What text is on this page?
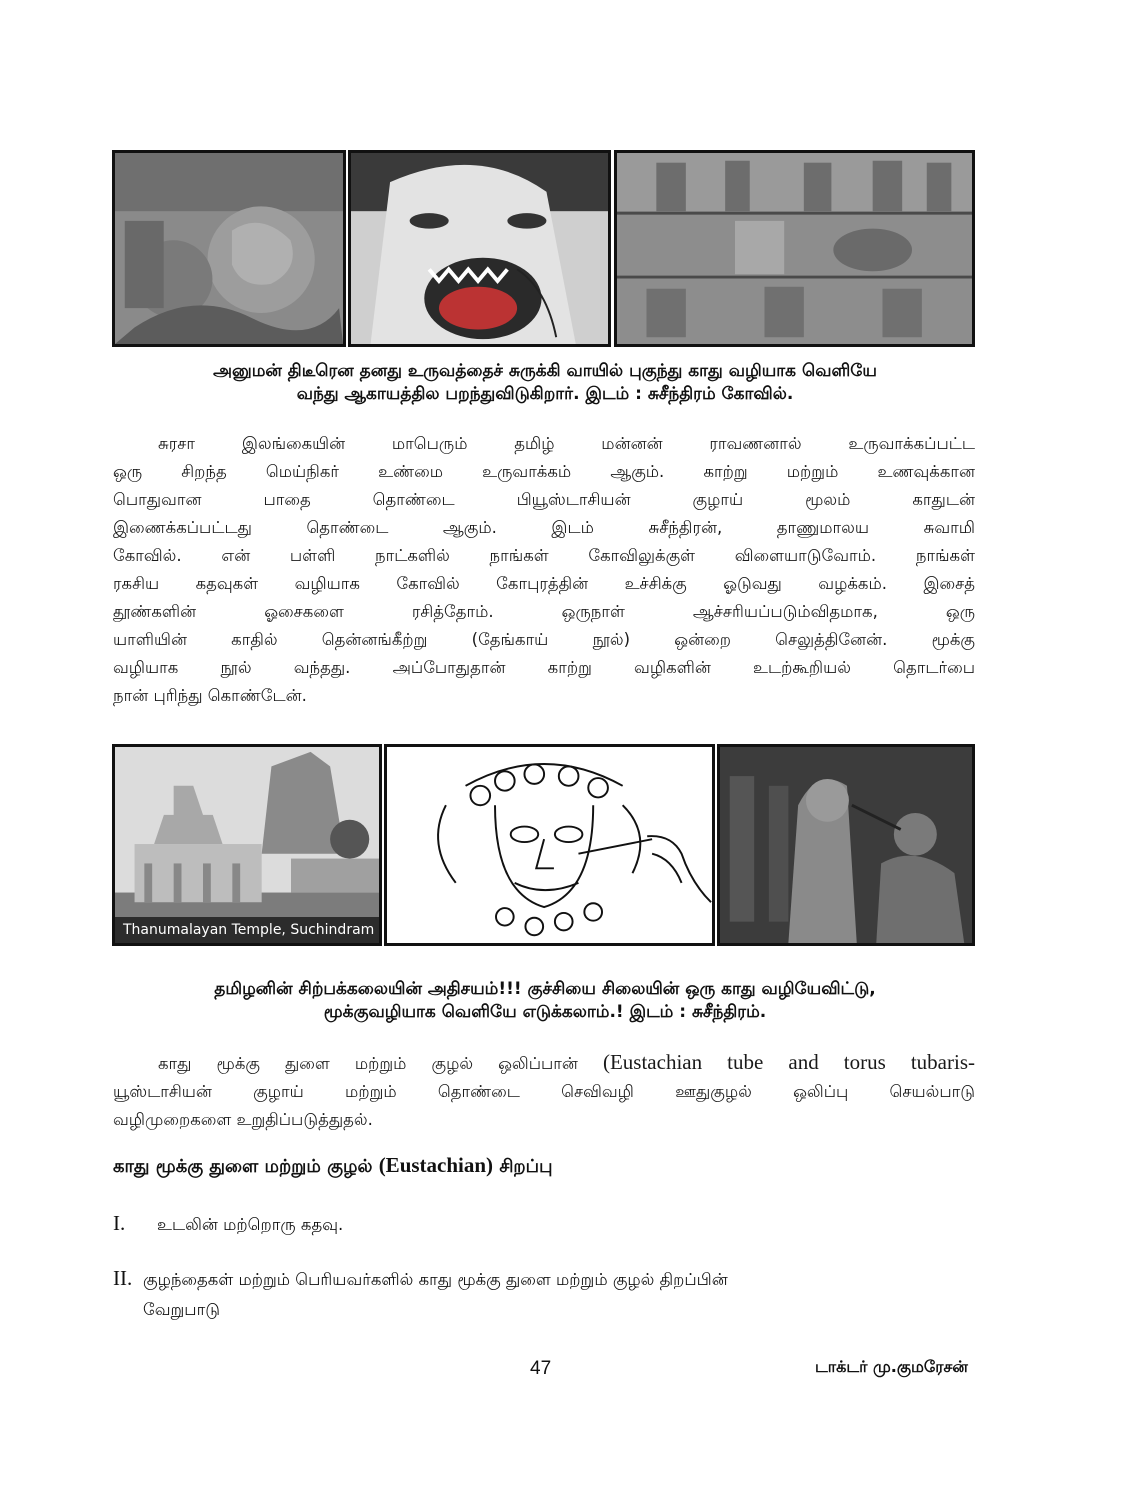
அனுமன் திடீரென தனது உருவத்தைச் சுருக்கி வாயில் புகுந்து காது வழியாக வெளியே
வந்து ஆகாயத்தில பறந்துவிடுகிறார். இடம் : சுசீந்திரம் கோவில்.
சுரசா இலங்கையின் மாபெரும் தமிழ் மன்னன் ராவணனால் உருவாக்கப்பட்ட
ஒரு சிறந்த மெய்நிகர் உண்மை உருவாக்கம் ஆகும். காற்று மற்றும் உணவுக்கான
பொதுவான பாதை தொண்டை பியூஸ்டாசியன் குழாய் மூலம் காதுடன்
இணைக்கப்பட்டது தொண்டை ஆகும். இடம் சுசீந்திரன், தாணுமாலய சுவாமி
கோவில். என் பள்ளி நாட்களில் நாங்கள் கோவிலுக்குள் விளையாடுவோம். நாங்கள்
ரகசிய கதவுகள் வழியாக கோவில் கோபுரத்தின் உச்சிக்கு ஓடுவது வழக்கம். இசைத்
தூண்களின் ஓசைகளை ரசித்தோம். ஒருநாள் ஆச்சரியப்படும்விதமாக, ஒரு
யாளியின் காதில் தென்னங்கீற்று (தேங்காய் நூல்) ஒன்றை செலுத்தினேன். மூக்கு
வழியாக நூல் வந்தது. அப்போதுதான் காற்று வழிகளின் உடற்கூறியல் தொடர்பை
நான் புரிந்து கொண்டேன்.
Thanumalayan Temple, Suchindram
தமிழனின் சிற்பக்கலையின் அதிசயம்!!! குச்சியை சிலையின் ஒரு காது வழியேவிட்டு,
மூக்குவழியாக வெளியே எடுக்கலாம்.! இடம் : சுசீந்திரம்.
காது மூக்கு துளை மற்றும் குழல் ஒலிப்பான் (Eustachian tube and torus tubaris-
யூஸ்டாசியன் குழாய் மற்றும் தொண்டை செவிவழி ஊதுகுழல் ஒலிப்பு செயல்பாடு
வழிமுறைகளை உறுதிப்படுத்துதல்.
காது மூக்கு துளை மற்றும் குழல் (Eustachian) சிறப்பு
I. உடலின் மற்றொரு கதவு.
II. குழந்தைகள் மற்றும் பெரியவர்களில் காது மூக்கு துளை மற்றும் குழல் திறப்பின்
வேறுபாடு
47	டாக்டர் மு.குமரேசன்
